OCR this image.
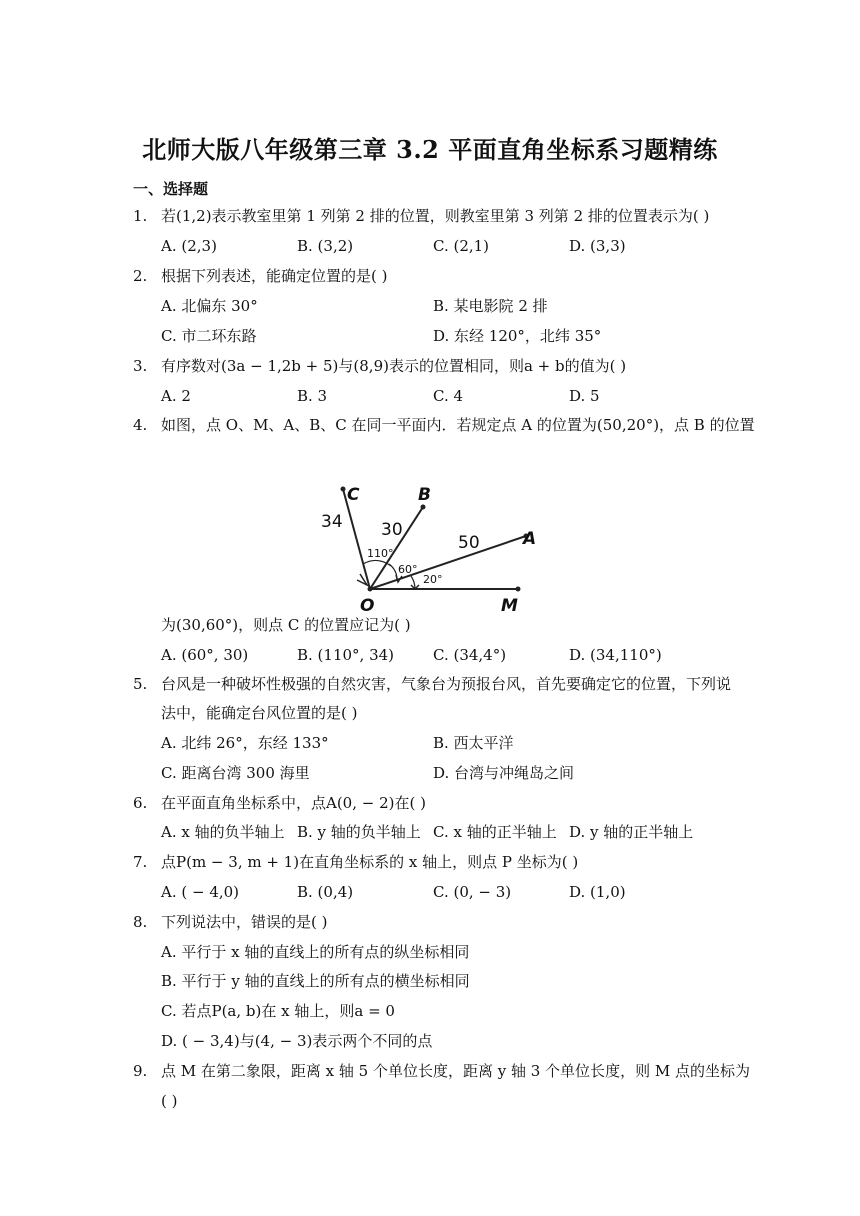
北师大版八年级第三章 3.2 平面直角坐标系习题精练
一、选择题
1. 若(1,2)表示教室里第 1 列第 2 排的位置，则教室里第 3 列第 2 排的位置表示为( )
A. (2,3)	B. (3,2)	C. (2,1)	D. (3,3)
2. 根据下列表述，能确定位置的是( )
A. 北偏东 30°	B. 某电影院 2 排
C. 市二环东路	D. 东经 120°，北纬 35°
3. 有序数对(3a − 1,2b + 5)与(8,9)表示的位置相同，则a + b的值为( )
A. 2	B. 3	C. 4	D. 5
4. 如图，点 O、M、A、B、C 在同一平面内．若规定点 A 的位置为(50,20°)，点 B 的位置
C	B
A
O	M
34 30
50
110°
60°
20°
为(30,60°)，则点 C 的位置应记为( )
A. (60°, 30)	B. (110°, 34)	C. (34,4°)	D. (34,110°)
5. 台风是一种破坏性极强的自然灾害，气象台为预报台风，首先要确定它的位置，下列说
法中，能确定台风位置的是( )
A. 北纬 26°，东经 133°	B. 西太平洋
C. 距离台湾 300 海里	D. 台湾与冲绳岛之间
6. 在平面直角坐标系中，点A(0, − 2)在( )
A. x 轴的负半轴上 B. y 轴的负半轴上 C. x 轴的正半轴上 D. y 轴的正半轴上
7. 点P(m − 3, m + 1)在直角坐标系的 x 轴上，则点 P 坐标为( )
A. ( − 4,0)	B. (0,4)	C. (0, − 3)	D. (1,0)
8. 下列说法中，错误的是( )
A. 平行于 x 轴的直线上的所有点的纵坐标相同
B. 平行于 y 轴的直线上的所有点的横坐标相同
C. 若点P(a, b)在 x 轴上，则a = 0
D. ( − 3,4)与(4, − 3)表示两个不同的点
9. 点 M 在第二象限，距离 x 轴 5 个单位长度，距离 y 轴 3 个单位长度，则 M 点的坐标为
( )
